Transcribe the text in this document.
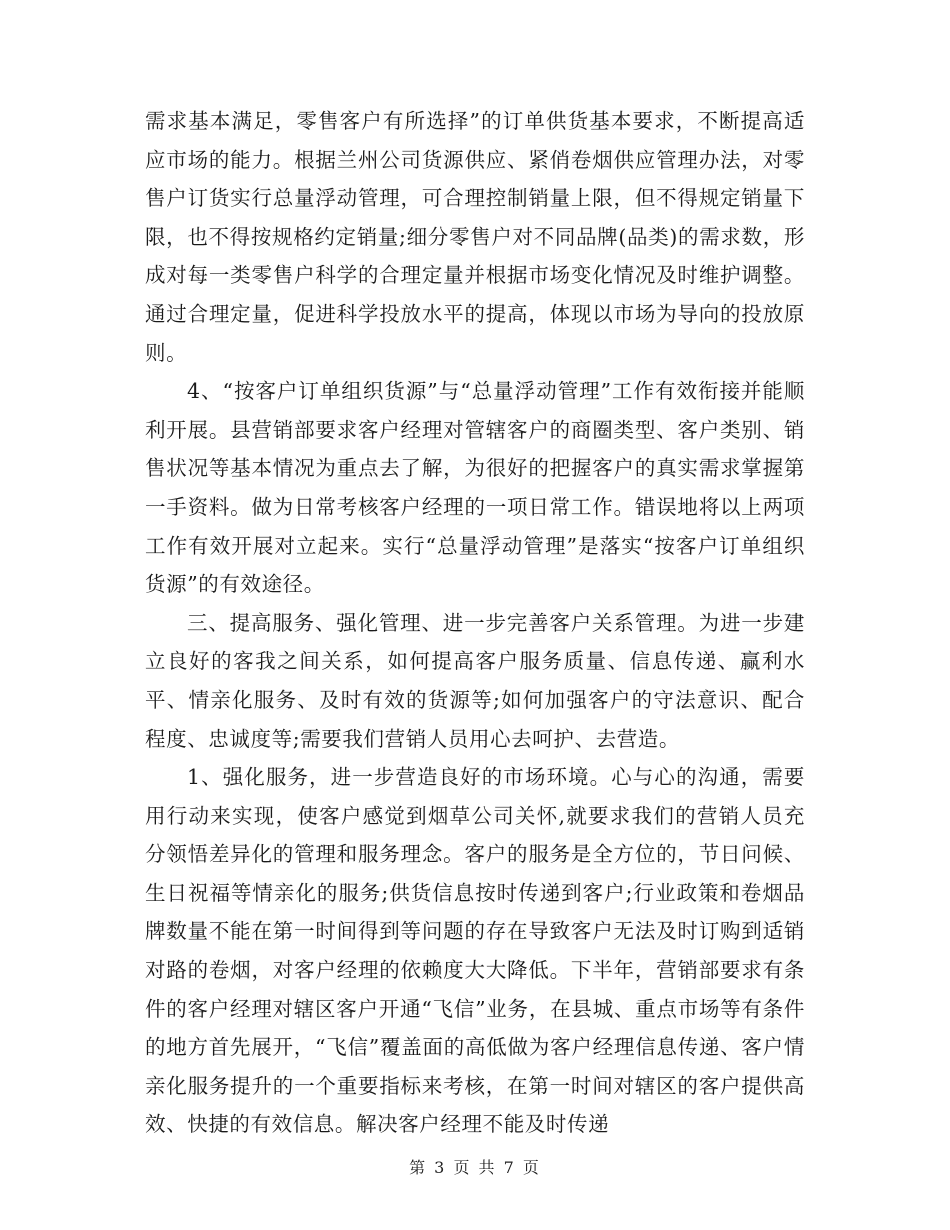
需求基本满足，零售客户有所选择”的订单供货基本要求，不断提高适应市场的能力。根据兰州公司货源供应、紧俏卷烟供应管理办法，对零售户订货实行总量浮动管理，可合理控制销量上限，但不得规定销量下限，也不得按规格约定销量;细分零售户对不同品牌(品类)的需求数，形成对每一类零售户科学的合理定量并根据市场变化情况及时维护调整。通过合理定量，促进科学投放水平的提高，体现以市场为导向的投放原则。

4、“按客户订单组织货源”与“总量浮动管理”工作有效衔接并能顺利开展。县营销部要求客户经理对管辖客户的商圈类型、客户类别、销售状况等基本情况为重点去了解，为很好的把握客户的真实需求掌握第一手资料。做为日常考核客户经理的一项日常工作。错误地将以上两项工作有效开展对立起来。实行“总量浮动管理”是落实“按客户订单组织货源”的有效途径。

三、提高服务、强化管理、进一步完善客户关系管理。为进一步建立良好的客我之间关系，如何提高客户服务质量、信息传递、赢利水平、情亲化服务、及时有效的货源等;如何加强客户的守法意识、配合程度、忠诚度等;需要我们营销人员用心去呵护、去营造。

1、强化服务，进一步营造良好的市场环境。心与心的沟通，需要用行动来实现，使客户感觉到烟草公司关怀,就要求我们的营销人员充分领悟差异化的管理和服务理念。客户的服务是全方位的，节日问候、生日祝福等情亲化的服务;供货信息按时传递到客户;行业政策和卷烟品牌数量不能在第一时间得到等问题的存在导致客户无法及时订购到适销对路的卷烟，对客户经理的依赖度大大降低。下半年，营销部要求有条件的客户经理对辖区客户开通“飞信”业务，在县城、重点市场等有条件的地方首先展开，“飞信”覆盖面的高低做为客户经理信息传递、客户情亲化服务提升的一个重要指标来考核，在第一时间对辖区的客户提供高效、快捷的有效信息。解决客户经理不能及时传递

第 3 页 共 7 页
